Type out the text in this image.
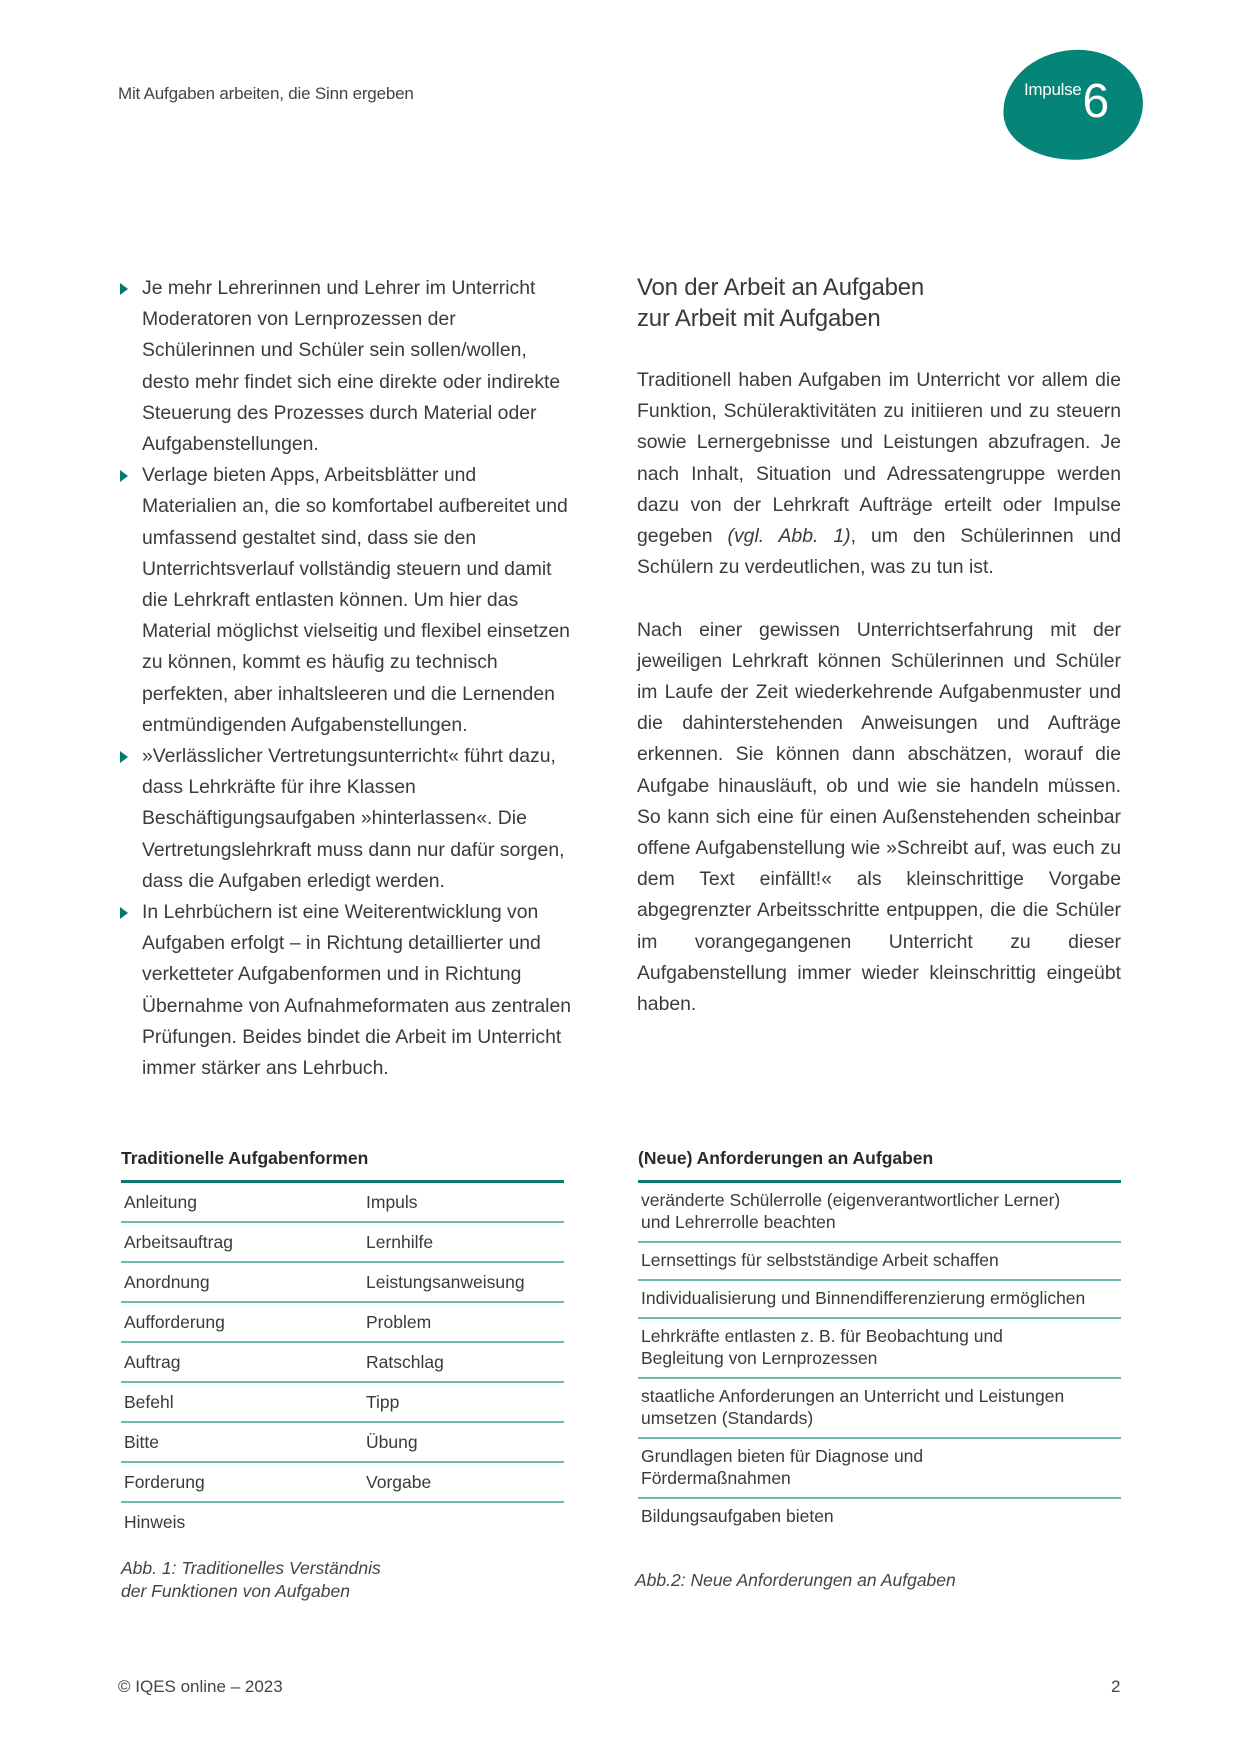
Mit Aufgaben arbeiten, die Sinn ergeben	Impulse 6
Je mehr Lehrerinnen und Lehrer im Unterricht Moderatoren von Lernprozessen der Schülerinnen und Schüler sein sollen/wollen, desto mehr findet sich eine direkte oder indirekte Steuerung des Prozesses durch Material oder Aufgabenstellungen.
Verlage bieten Apps, Arbeitsblätter und Materialien an, die so komfortabel aufbereitet und umfassend gestaltet sind, dass sie den Unterrichtsverlauf vollständig steuern und damit die Lehrkraft entlasten können. Um hier das Material möglichst vielseitig und flexibel einsetzen zu können, kommt es häufig zu technisch perfekten, aber inhaltsleeren und die Lernenden entmündigenden Aufgabenstellungen.
»Verlässlicher Vertretungsunterricht« führt dazu, dass Lehrkräfte für ihre Klassen Beschäftigungsaufgaben »hinterlassen«. Die Vertretungslehrkraft muss dann nur dafür sorgen, dass die Aufgaben erledigt werden.
In Lehrbüchern ist eine Weiterentwicklung von Aufgaben erfolgt – in Richtung detaillierter und verketteter Aufgabenformen und in Richtung Übernahme von Aufnahmeformaten aus zentralen Prüfungen. Beides bindet die Arbeit im Unterricht immer stärker ans Lehrbuch.
Von der Arbeit an Aufgaben
zur Arbeit mit Aufgaben

Traditionell haben Aufgaben im Unterricht vor allem die Funktion, Schüleraktivitäten zu initiieren und zu steuern sowie Lernergebnisse und Leistungen abzufragen. Je nach Inhalt, Situation und Adressatengruppe werden dazu von der Lehrkraft Aufträge erteilt oder Impulse gegeben (vgl. Abb. 1), um den Schülerinnen und Schülern zu verdeutlichen, was zu tun ist.

Nach einer gewissen Unterrichtserfahrung mit der jeweiligen Lehrkraft können Schülerinnen und Schüler im Laufe der Zeit wiederkehrende Aufgabenmuster und die dahinterstehenden Anweisungen und Aufträge erkennen. Sie können dann abschätzen, worauf die Aufgabe hinausläuft, ob und wie sie handeln müssen. So kann sich eine für einen Außenstehenden scheinbar offene Aufgabenstellung wie »Schreibt auf, was euch zu dem Text einfällt!« als kleinschrittige Vorgabe abgegrenzter Arbeitsschritte entpuppen, die die Schüler im vorangegangenen Unterricht zu dieser Aufgabenstellung immer wieder kleinschrittig eingeübt haben.

Traditionelle Aufgabenformen
Anleitung	Impuls
Arbeitsauftrag	Lernhilfe
Anordnung	Leistungsanweisung
Aufforderung	Problem
Auftrag	Ratschlag
Befehl	Tipp
Bitte	Übung
Forderung	Vorgabe
Hinweis
Abb. 1: Traditionelles Verständnis
der Funktionen von Aufgaben
(Neue) Anforderungen an Aufgaben
veränderte Schülerrolle (eigenverantwortlicher Lerner) und Lehrerrolle beachten
Lernsettings für selbstständige Arbeit schaffen
Individualisierung und Binnendifferenzierung ermöglichen
Lehrkräfte entlasten z. B. für Beobachtung und Begleitung von Lernprozessen
staatliche Anforderungen an Unterricht und Leistungen umsetzen (Standards)
Grundlagen bieten für Diagnose und Fördermaßnahmen
Bildungsaufgaben bieten
Abb.2: Neue Anforderungen an Aufgaben
© IQES online – 2023	2
